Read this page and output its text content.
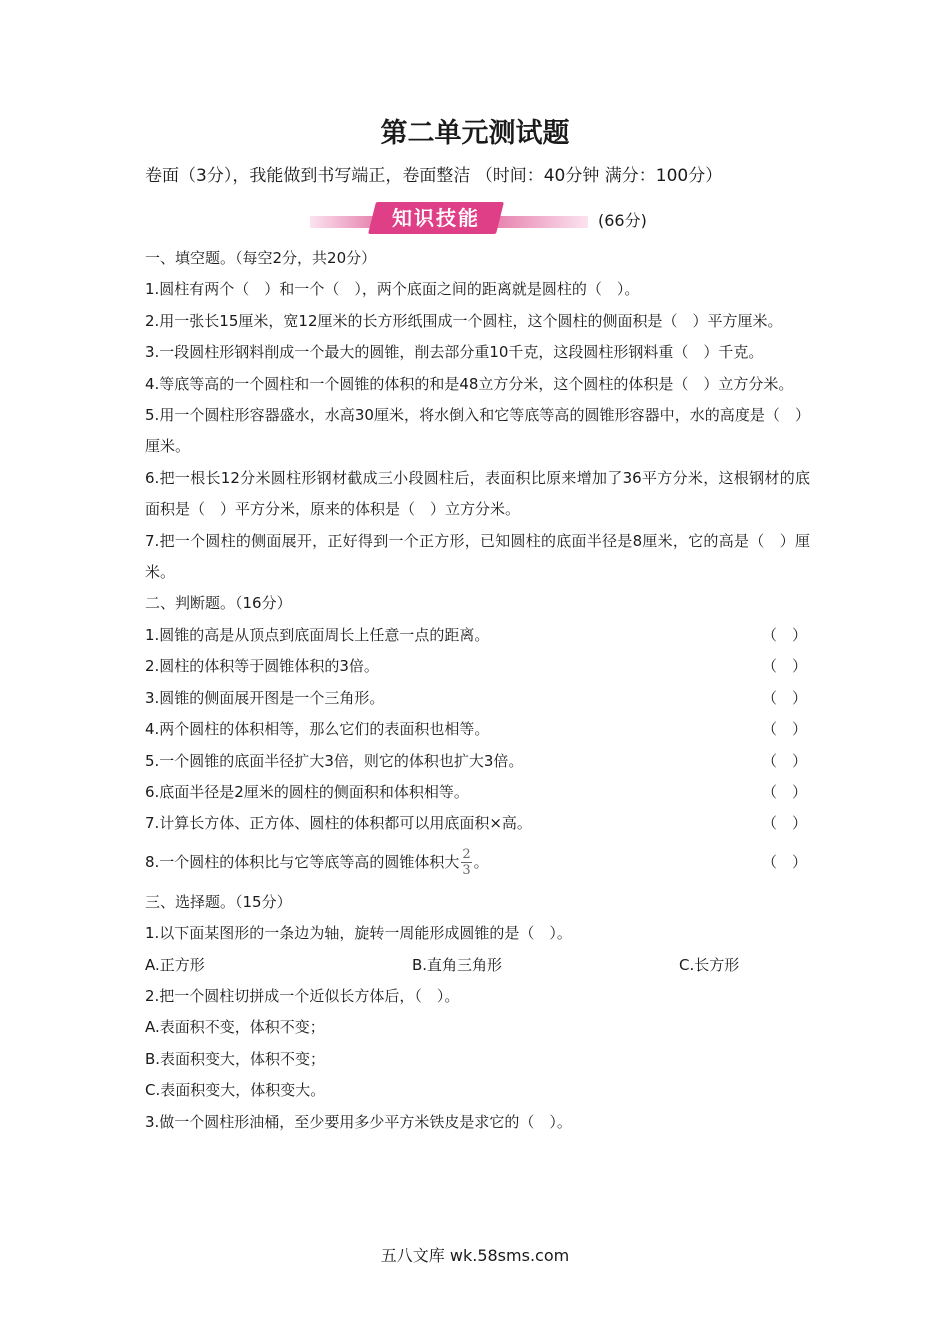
第二单元测试题
卷面（3分），我能做到书写端正，卷面整洁 （时间：40分钟 满分：100分）
知识技能	(66分)
一、填空题。（每空2分，共20分）
1.圆柱有两个（　）和一个（　），两个底面之间的距离就是圆柱的（　）。
2.用一张长15厘米，宽12厘米的长方形纸围成一个圆柱，这个圆柱的侧面积是（　）平方厘米。
3.一段圆柱形钢料削成一个最大的圆锥，削去部分重10千克，这段圆柱形钢料重（　）千克。
4.等底等高的一个圆柱和一个圆锥的体积的和是48立方分米，这个圆柱的体积是（　）立方分米。
5.用一个圆柱形容器盛水，水高30厘米，将水倒入和它等底等高的圆锥形容器中，水的高度是（　）厘米。
6.把一根长12分米圆柱形钢材截成三小段圆柱后，表面积比原来增加了36平方分米，这根钢材的底面积是（　）平方分米，原来的体积是（　）立方分米。
7.把一个圆柱的侧面展开，正好得到一个正方形，已知圆柱的底面半径是8厘米，它的高是（　）厘米。
二、判断题。（16分）
1.圆锥的高是从顶点到底面周长上任意一点的距离。	（　）
2.圆柱的体积等于圆锥体积的3倍。	（　）
3.圆锥的侧面展开图是一个三角形。	（　）
4.两个圆柱的体积相等，那么它们的表面积也相等。	（　）
5.一个圆锥的底面半径扩大3倍，则它的体积也扩大3倍。	（　）
6.底面半径是2厘米的圆柱的侧面积和体积相等。	（　）
7.计算长方体、正方体、圆柱的体积都可以用底面积×高。	（　）
8.一个圆柱的体积比与它等底等高的圆锥体积大 $\frac{2}{3}$ 。	（　）
三、选择题。（15分）
1.以下面某图形的一条边为轴，旋转一周能形成圆锥的是（　）。
A.正方形	B.直角三角形	C.长方形
2.把一个圆柱切拼成一个近似长方体后，（　）。
A.表面积不变，体积不变；
B.表面积变大，体积不变；
C.表面积变大，体积变大。
3.做一个圆柱形油桶，至少要用多少平方米铁皮是求它的（　）。
五八文库 wk.58sms.com
